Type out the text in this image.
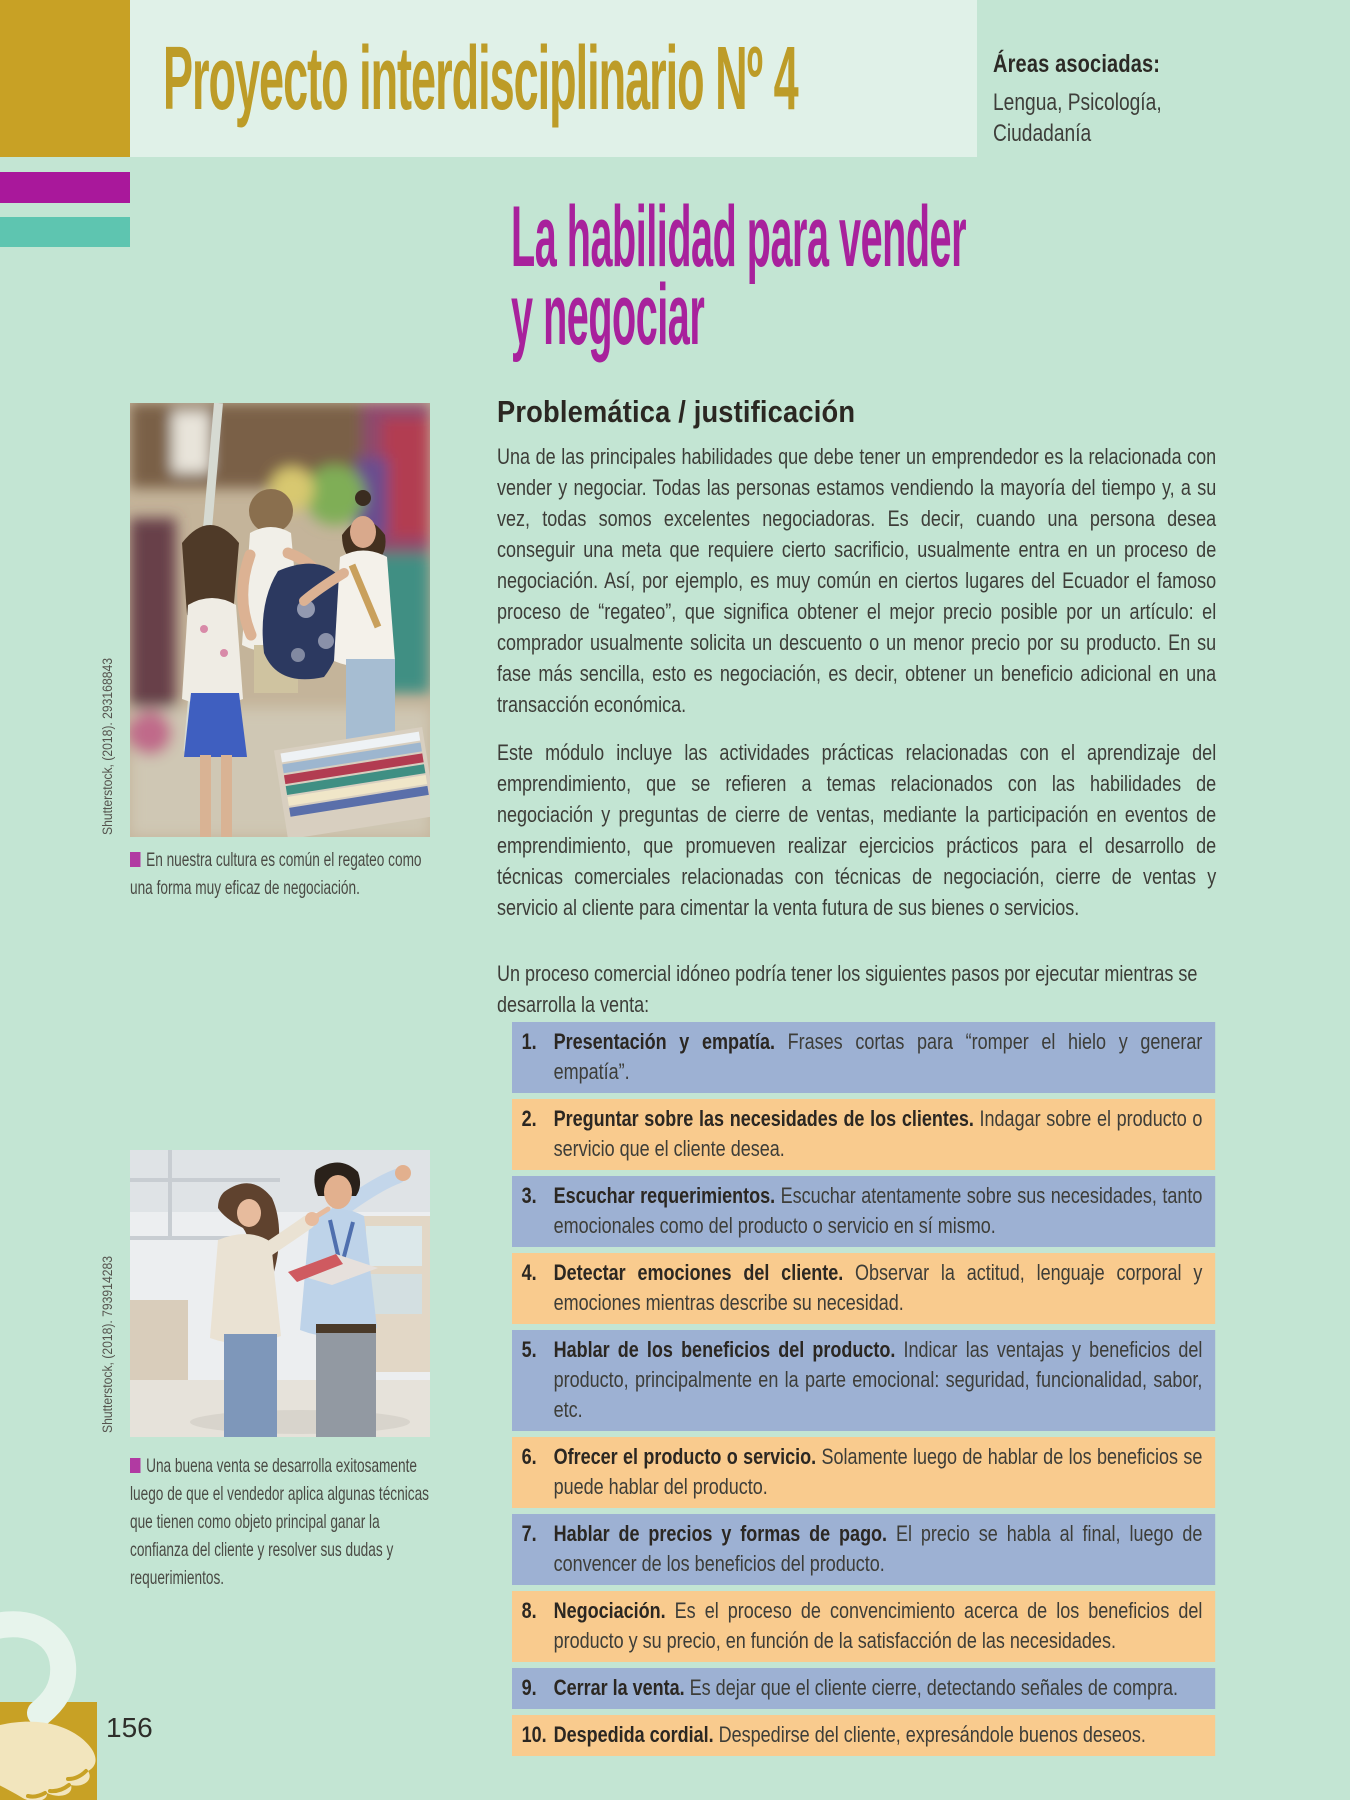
Proyecto interdisciplinario Nº 4	Áreas asociadas:
Lengua, Psicología,
Ciudadanía
La habilidad para vender
y negociar
Shutterstock, (2018). 293168843
En nuestra cultura es común el regateo como una forma muy eficaz de negociación.
Shutterstock, (2018). 793914283
Una buena venta se desarrolla exitosamente luego de que el vendedor aplica algunas técnicas que tienen como objeto principal ganar la confianza del cliente y resolver sus dudas y requerimientos.
Problemática / justificación

Una de las principales habilidades que debe tener un emprendedor es la relacionada con vender y negociar. Todas las personas estamos vendiendo la mayoría del tiempo y, a su vez, todas somos excelentes negociadoras. Es decir, cuando una persona desea conseguir una meta que requiere cierto sacrificio, usualmente entra en un proceso de negociación. Así, por ejemplo, es muy común en ciertos lugares del Ecuador el famoso proceso de “regateo”, que significa obtener el mejor precio posible por un artículo: el comprador usualmente solicita un descuento o un menor precio por su producto. En su fase más sencilla, esto es negociación, es decir, obtener un beneficio adicional en una transacción económica.

Este módulo incluye las actividades prácticas relacionadas con el aprendizaje del emprendimiento, que se refieren a temas relacionados con las habilidades de negociación y preguntas de cierre de ventas, mediante la participación en eventos de emprendimiento, que promueven realizar ejercicios prácticos para el desarrollo de técnicas comerciales relacionadas con técnicas de negociación, cierre de ventas y servicio al cliente para cimentar la venta futura de sus bienes o servicios.

Un proceso comercial idóneo podría tener los siguientes pasos por ejecutar mientras se desarrolla la venta:

1. Presentación y empatía. Frases cortas para “romper el hielo y generar empatía”.
2. Preguntar sobre las necesidades de los clientes. Indagar sobre el producto o servicio que el cliente desea.
3. Escuchar requerimientos. Escuchar atentamente sobre sus necesidades, tanto emocionales como del producto o servicio en sí mismo.
4. Detectar emociones del cliente. Observar la actitud, lenguaje corporal y emociones mientras describe su necesidad.
5. Hablar de los beneficios del producto. Indicar las ventajas y beneficios del producto, principalmente en la parte emocional: seguridad, funcionalidad, sabor, etc.
6. Ofrecer el producto o servicio. Solamente luego de hablar de los beneficios se puede hablar del producto.
7. Hablar de precios y formas de pago. El precio se habla al final, luego de convencer de los beneficios del producto.
8. Negociación. Es el proceso de convencimiento acerca de los beneficios del producto y su precio, en función de la satisfacción de las necesidades.
9. Cerrar la venta. Es dejar que el cliente cierre, detectando señales de compra.
10. Despedida cordial. Despedirse del cliente, expresándole buenos deseos.
156
